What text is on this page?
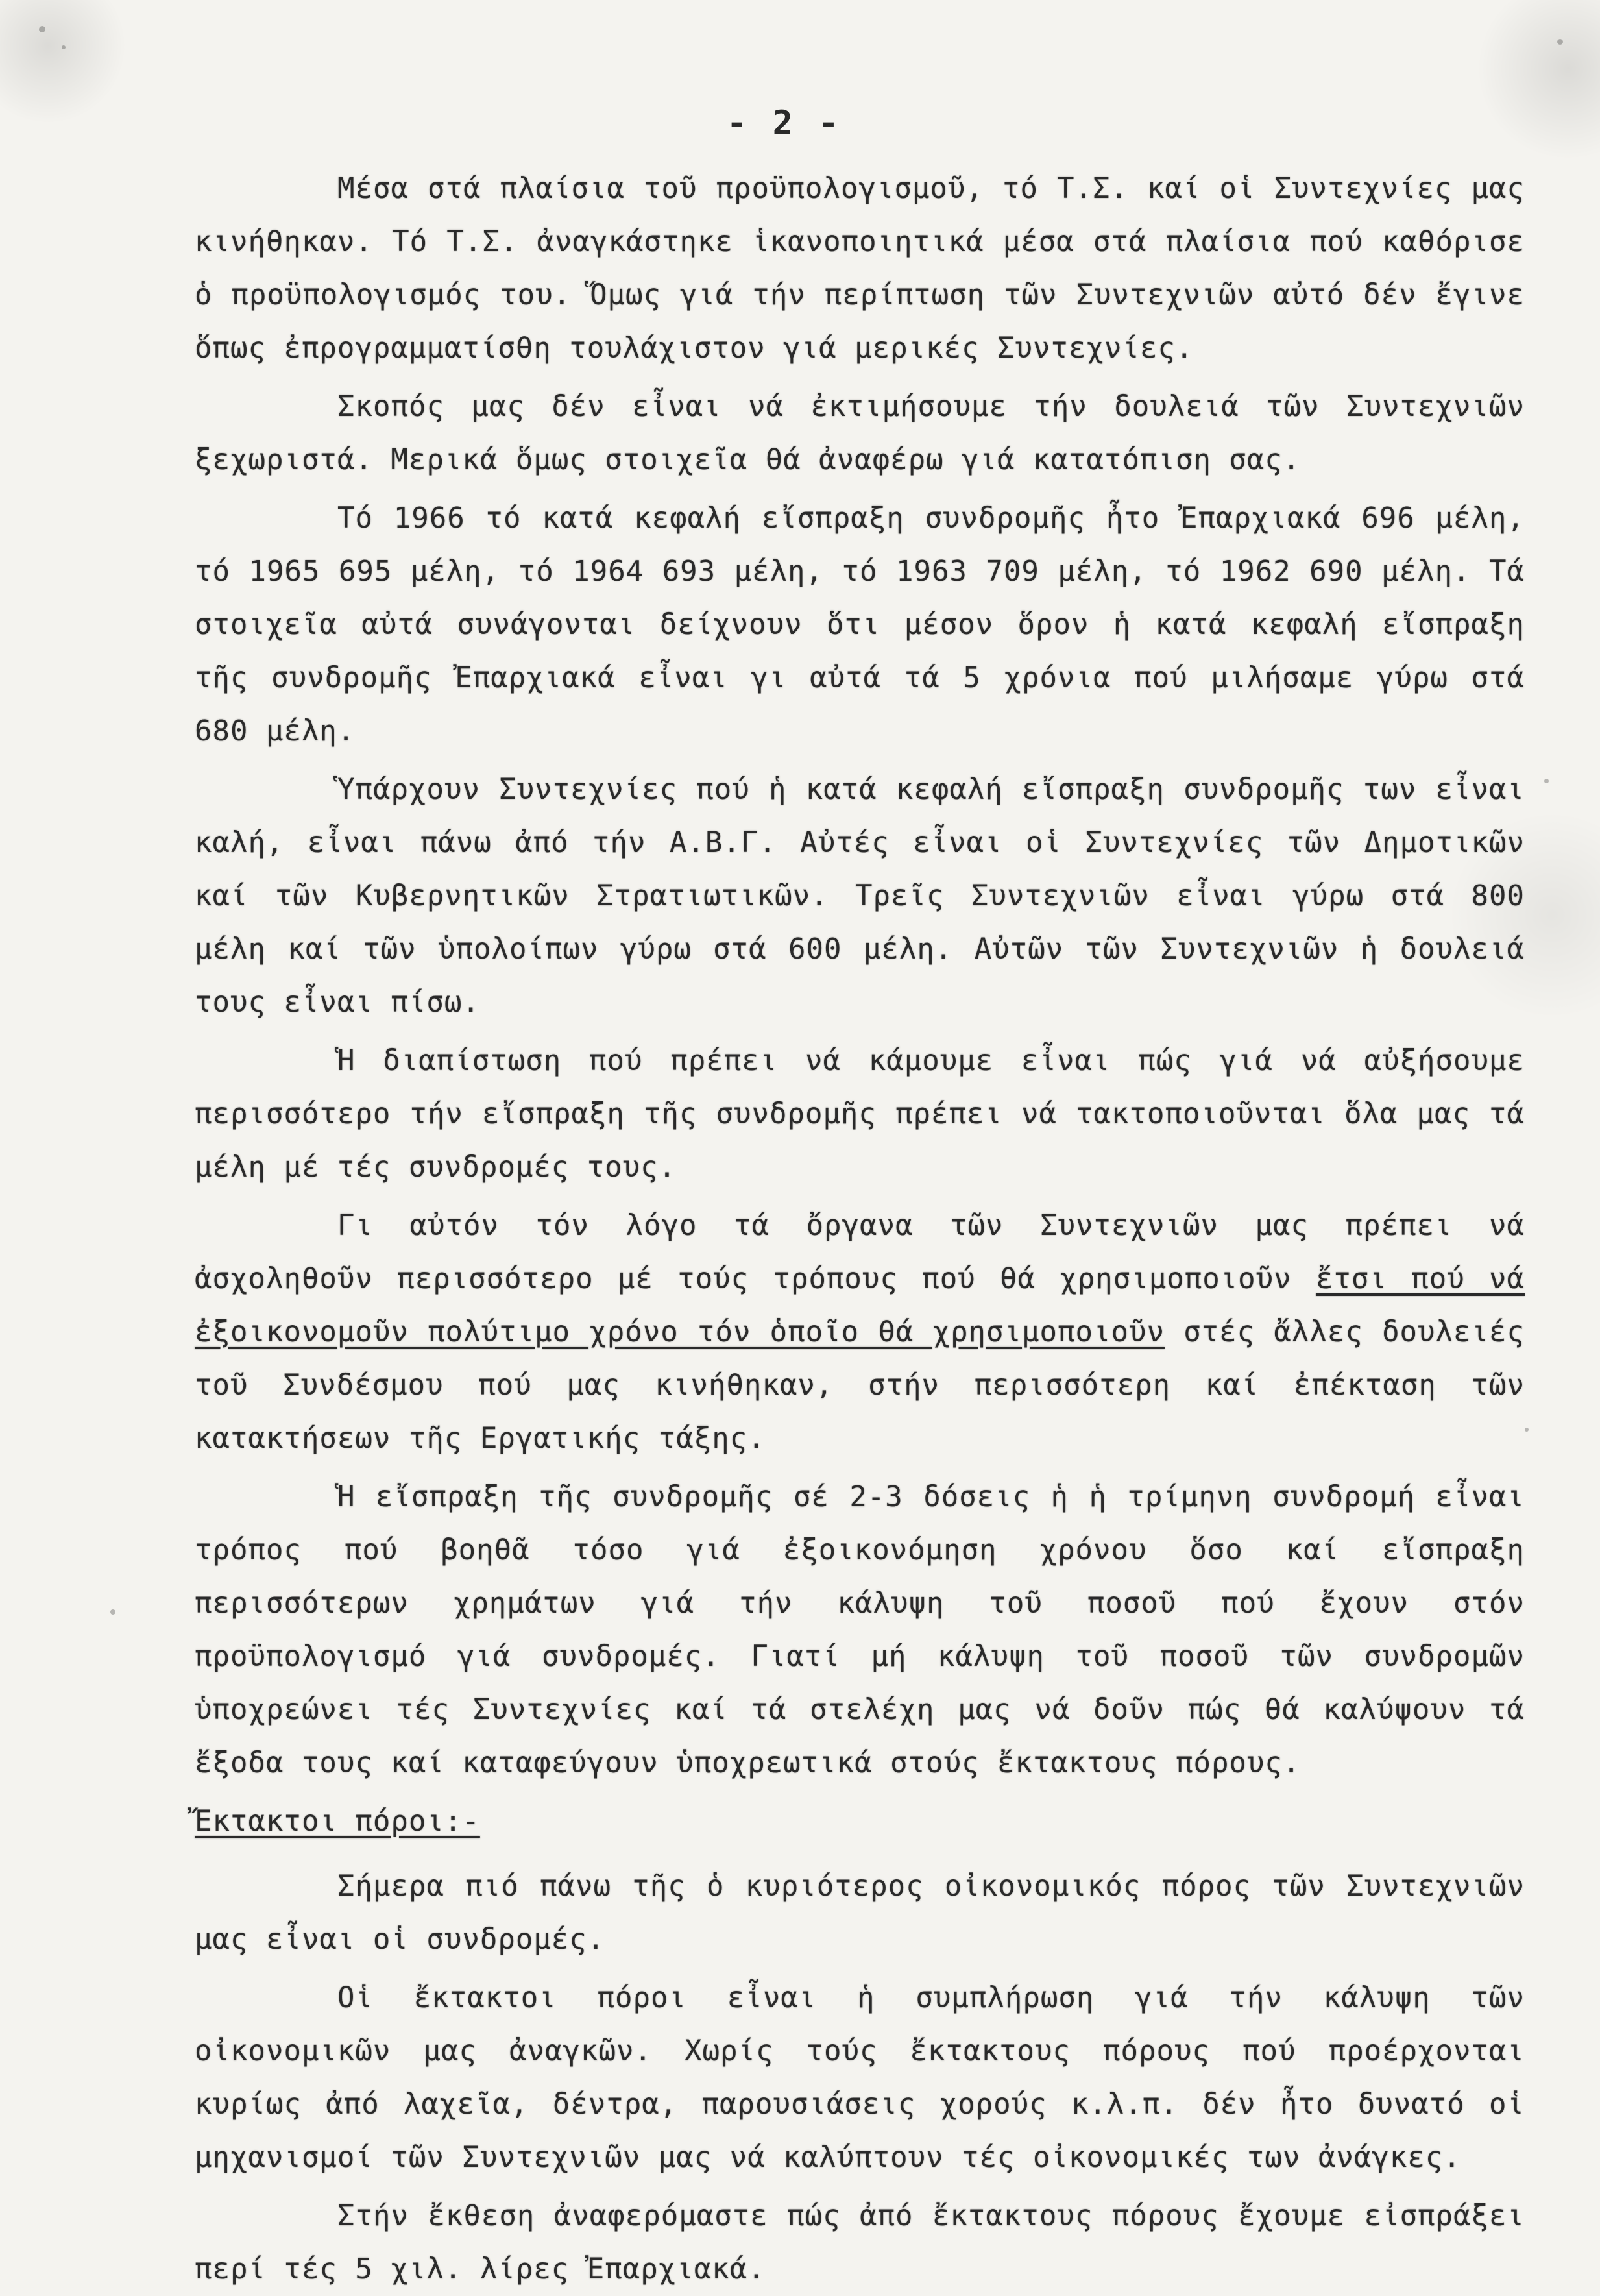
- 2 -

Μέσα στά πλαίσια τοῦ προϋπολογισμοῦ, τό Τ.Σ. καί οἱ Συντεχνίες μας κινήθηκαν. Τό Τ.Σ. ἀναγκάστηκε ἱκανοποιητικά μέσα στά πλαίσια πού καθόρισε ὁ προϋπολογισμός του. Ὅμως γιά τήν περίπτωση τῶν Συντεχνιῶν αὐτό δέν ἔγινε ὅπως ἐπρογραμματίσθη τουλάχιστον γιά μερικές Συντεχνίες.

Σκοπός μας δέν εἶναι νά ἐκτιμήσουμε τήν δουλειά τῶν Συντεχνιῶν ξεχωριστά. Μερικά ὅμως στοιχεῖα θά ἀναφέρω γιά κατατόπιση σας.

Τό 1966 τό κατά κεφαλή εἴσπραξη συνδρομῆς ἦτο Ἐπαρχιακά 696 μέλη, τό 1965 695 μέλη, τό 1964 693 μέλη, τό 1963 709 μέλη, τό 1962 690 μέλη. Τά στοιχεῖα αὐτά συνάγονται δείχνουν ὅτι μέσον ὅρον ἡ κατά κεφαλή εἴσπραξη τῆς συνδρομῆς Ἐπαρχιακά εἶναι γι αὐτά τά 5 χρόνια πού μιλήσαμε γύρω στά 680 μέλη.

Ὑπάρχουν Συντεχνίες πού ἡ κατά κεφαλή εἴσπραξη συνδρομῆς των εἶναι καλή, εἶναι πάνω ἀπό τήν Α.Β.Γ. Αὐτές εἶναι οἱ Συντεχνίες τῶν Δημοτικῶν καί τῶν Κυβερνητικῶν Στρατιωτικῶν. Τρεῖς Συντεχνιῶν εἶναι γύρω στά 800 μέλη καί τῶν ὑπολοίπων γύρω στά 600 μέλη. Αὐτῶν τῶν Συντεχνιῶν ἡ δουλειά τους εἶναι πίσω.

Ἡ διαπίστωση πού πρέπει νά κάμουμε εἶναι πώς γιά νά αὐξήσουμε περισσότερο τήν εἴσπραξη τῆς συνδρομῆς πρέπει νά τακτοποιοῦνται ὅλα μας τά μέλη μέ τές συνδρομές τους.

Γι αὐτόν τόν λόγο τά ὄργανα τῶν Συντεχνιῶν μας πρέπει νά ἀσχοληθοῦν περισσότερο μέ τούς τρόπους πού θά χρησιμοποιοῦν ἔτσι πού νά ἐξοικονομοῦν πολύτιμο χρόνο τόν ὁποῖο θά χρησιμοποιοῦν στές ἄλλες δουλειές τοῦ Συνδέσμου πού μας κινήθηκαν, στήν περισσότερη καί ἐπέκταση τῶν κατακτήσεων τῆς Εργατικής τάξης.

Ἡ εἴσπραξη τῆς συνδρομῆς σέ 2-3 δόσεις ἡ ἡ τρίμηνη συνδρομή εἶναι τρόπος πού βοηθᾶ τόσο γιά ἐξοικονόμηση χρόνου ὅσο καί εἴσπραξη περισσότερων χρημάτων γιά τήν κάλυψη τοῦ ποσοῦ πού ἔχουν στόν προϋπολογισμό γιά συνδρομές. Γιατί μή κάλυψη τοῦ ποσοῦ τῶν συνδρομῶν ὑποχρεώνει τές Συντεχνίες καί τά στελέχη μας νά δοῦν πώς θά καλύψουν τά ἔξοδα τους καί καταφεύγουν ὑποχρεωτικά στούς ἔκτακτους πόρους.

Ἔκτακτοι πόροι:-

Σήμερα πιό πάνω τῆς ὁ κυριότερος οἰκονομικός πόρος τῶν Συντεχνιῶν μας εἶναι οἱ συνδρομές.

Οἱ ἔκτακτοι πόροι εἶναι ἡ συμπλήρωση γιά τήν κάλυψη τῶν οἰκονομικῶν μας ἀναγκῶν. Χωρίς τούς ἔκτακτους πόρους πού προέρχονται κυρίως ἀπό λαχεῖα, δέντρα, παρουσιάσεις χορούς κ.λ.π. δέν ἦτο δυνατό οἱ μηχανισμοί τῶν Συντεχνιῶν μας νά καλύπτουν τές οἰκονομικές των ἀνάγκες.

Στήν ἔκθεση ἀναφερόμαστε πώς ἀπό ἔκτακτους πόρους ἔχουμε εἰσπράξει περί τές 5 χιλ. λίρες Ἐπαρχιακά.
